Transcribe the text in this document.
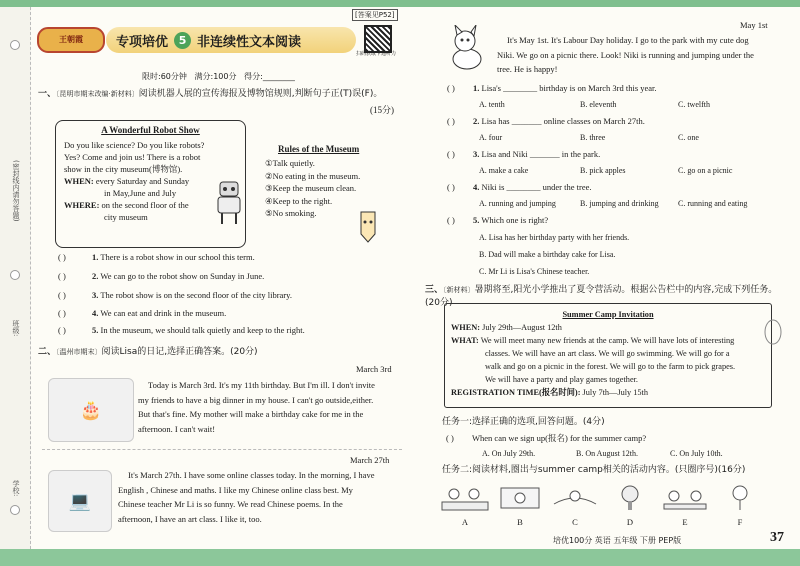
(密封线内请勿答题)
班级:
学校:
[答案见P52]
王朝霞	专项培优 5 非连续性文本阅读
扫码获取卡通听力
限时:60分钟 满分:100分 得分:________
一、〔昆明市期末改编·新材料〕阅读机器人展的宣传海报及博物馆规则,判断句子正(T)误(F)。
(15分)
A Wonderful Robot Show

Do you like science? Do you like robots?

Yes? Come and join us! There is a robot

show in the city museum(博物馆).

WHEN: every Saturday and Sunday

in May,June and July

WHERE: on the second floor of the

city museum

Rules of the Museum
①Talk quietly.
②No eating in the museum.
③Keep the museum clean.
④Keep to the right.
⑤No smoking.
( )	1. There is a robot show in our school this term.
( )	2. We can go to the robot show on Sunday in June.
( )	3. The robot show is on the second floor of the city library.
( )	4. We can eat and drink in the museum.
( )	5. In the museum, we should talk quietly and keep to the right.
二、〔温州市期末〕阅读Lisa的日记,选择正确答案。(20分)
March 3rd
🎂
Today is March 3rd. It's my 11th birthday. But I'm ill. I don't invite
my friends to have a big dinner in my house. I can't go outside,either.
But that's fine. My mother will make a birthday cake for me in the
afternoon. I can't wait!
March 27th
💻
It's March 27th. I have some online classes today. In the morning, I have
English , Chinese and maths. I like my Chinese online class best. My
Chinese teacher Mr Li is so funny. We read Chinese poems. In the
afternoon, I have an art class. I like it, too.
May 1st
It's May 1st. It's Labour Day holiday. I go to the park with my cute dog
Niki. We go on a picnic there. Look! Niki is running and jumping under the
tree. He is happy!
( ) 1. Lisa's ________ birthday is on March 3rd this year.
A. tenth	B. eleventh	C. twelfth
( ) 2. Lisa has _______ online classes on March 27th.
A. four	B. three	C. one
( ) 3. Lisa and Niki _______ in the park.
A. make a cake	B. pick apples	C. go on a picnic
( ) 4. Niki is ________ under the tree.
A. running and jumping	B. jumping and drinking C. running and eating
( ) 5. Which one is right?
A. Lisa has her birthday party with her friends.
B. Dad will make a birthday cake for Lisa.
C. Mr Li is Lisa's Chinese teacher.
三、〔新材料〕暑期将至,阳光小学推出了夏令营活动。根据公告栏中的内容,完成下列任务。(20分)
Summer Camp Invitation
WHEN: July 29th—August 12th
WHAT: We will meet many new friends at the camp. We will have lots of interesting
classes. We will have an art class. We will go swimming. We will go for a
walk and go on a picnic in the forest. We will go to the farm to pick grapes.
We will have a party and play games together.
REGISTRATION TIME(报名时间): July 7th—July 15th
任务一:选择正确的选项,回答问题。(4分)
( ) When can we sign up(报名) for the summer camp?
A. On July 29th.	B. On August 12th.	C. On July 10th.
任务二:阅读材料,圈出与summer camp相关的活动内容。(只圈序号)(16分)
A	B	C	D	E	F
培优100分 英语 五年级 下册 PEP版	37
